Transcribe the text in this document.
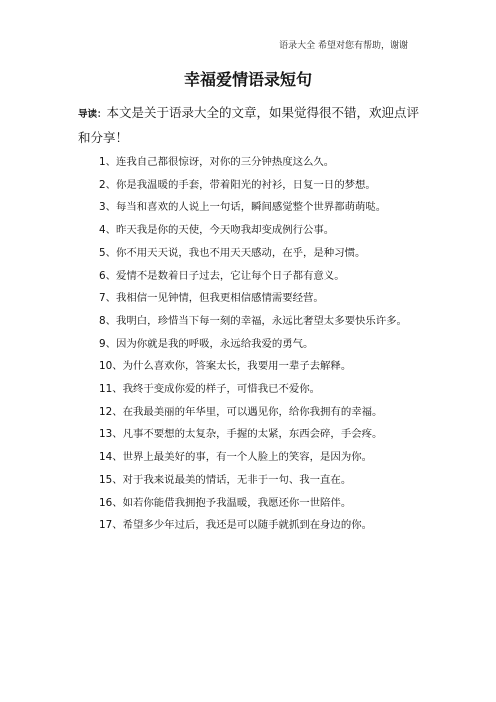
语录大全 希望对您有帮助，谢谢
幸福爱情语录短句
导读：本文是关于语录大全的文章，如果觉得很不错，欢迎点评和分享！
1、连我自己都很惊讶，对你的三分钟热度这么久。
2、你是我温暖的手套，带着阳光的衬衫，日复一日的梦想。
3、每当和喜欢的人说上一句话，瞬间感觉整个世界都萌萌哒。
4、昨天我是你的天使，今天吻我却变成例行公事。
5、你不用天天说，我也不用天天感动，在乎，是种习惯。
6、爱情不是数着日子过去，它让每个日子都有意义。
7、我相信一见钟情，但我更相信感情需要经营。
8、我明白，珍惜当下每一刻的幸福，永远比奢望太多要快乐许多。
9、因为你就是我的呼吸，永远给我爱的勇气。
10、为什么喜欢你，答案太长，我要用一辈子去解释。
11、我终于变成你爱的样子，可惜我已不爱你。
12、在我最美丽的年华里，可以遇见你，给你我拥有的幸福。
13、凡事不要想的太复杂，手握的太紧，东西会碎，手会疼。
14、世界上最美好的事，有一个人脸上的笑容，是因为你。
15、对于我来说最美的情话，无非于一句、我一直在。
16、如若你能借我拥抱予我温暖，我愿还你一世陪伴。
17、希望多少年过后，我还是可以随手就抓到在身边的你。
